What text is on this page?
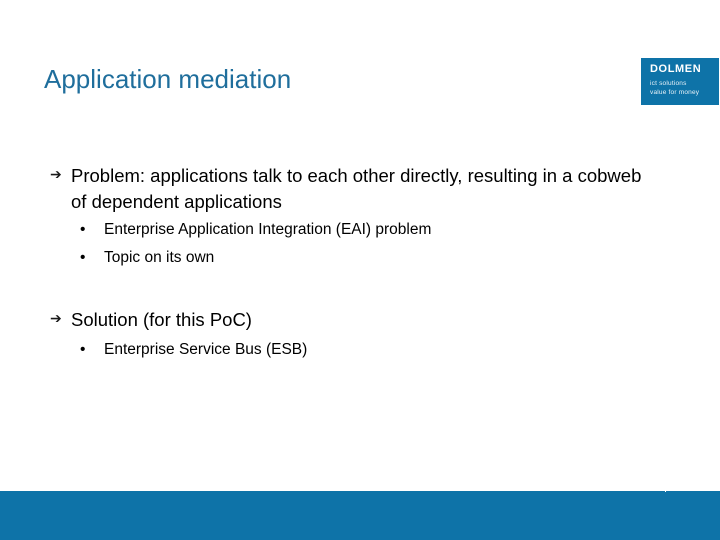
Application mediation	DOLMEN
ict solutions
value for money
➔ Problem: applications talk to each other directly, resulting in a cobweb of dependent applications
• Enterprise Application Integration (EAI) problem
• Topic on its own
➔ Solution (for this PoC)
• Enterprise Service Bus (ESB)
16/03/2018	15
